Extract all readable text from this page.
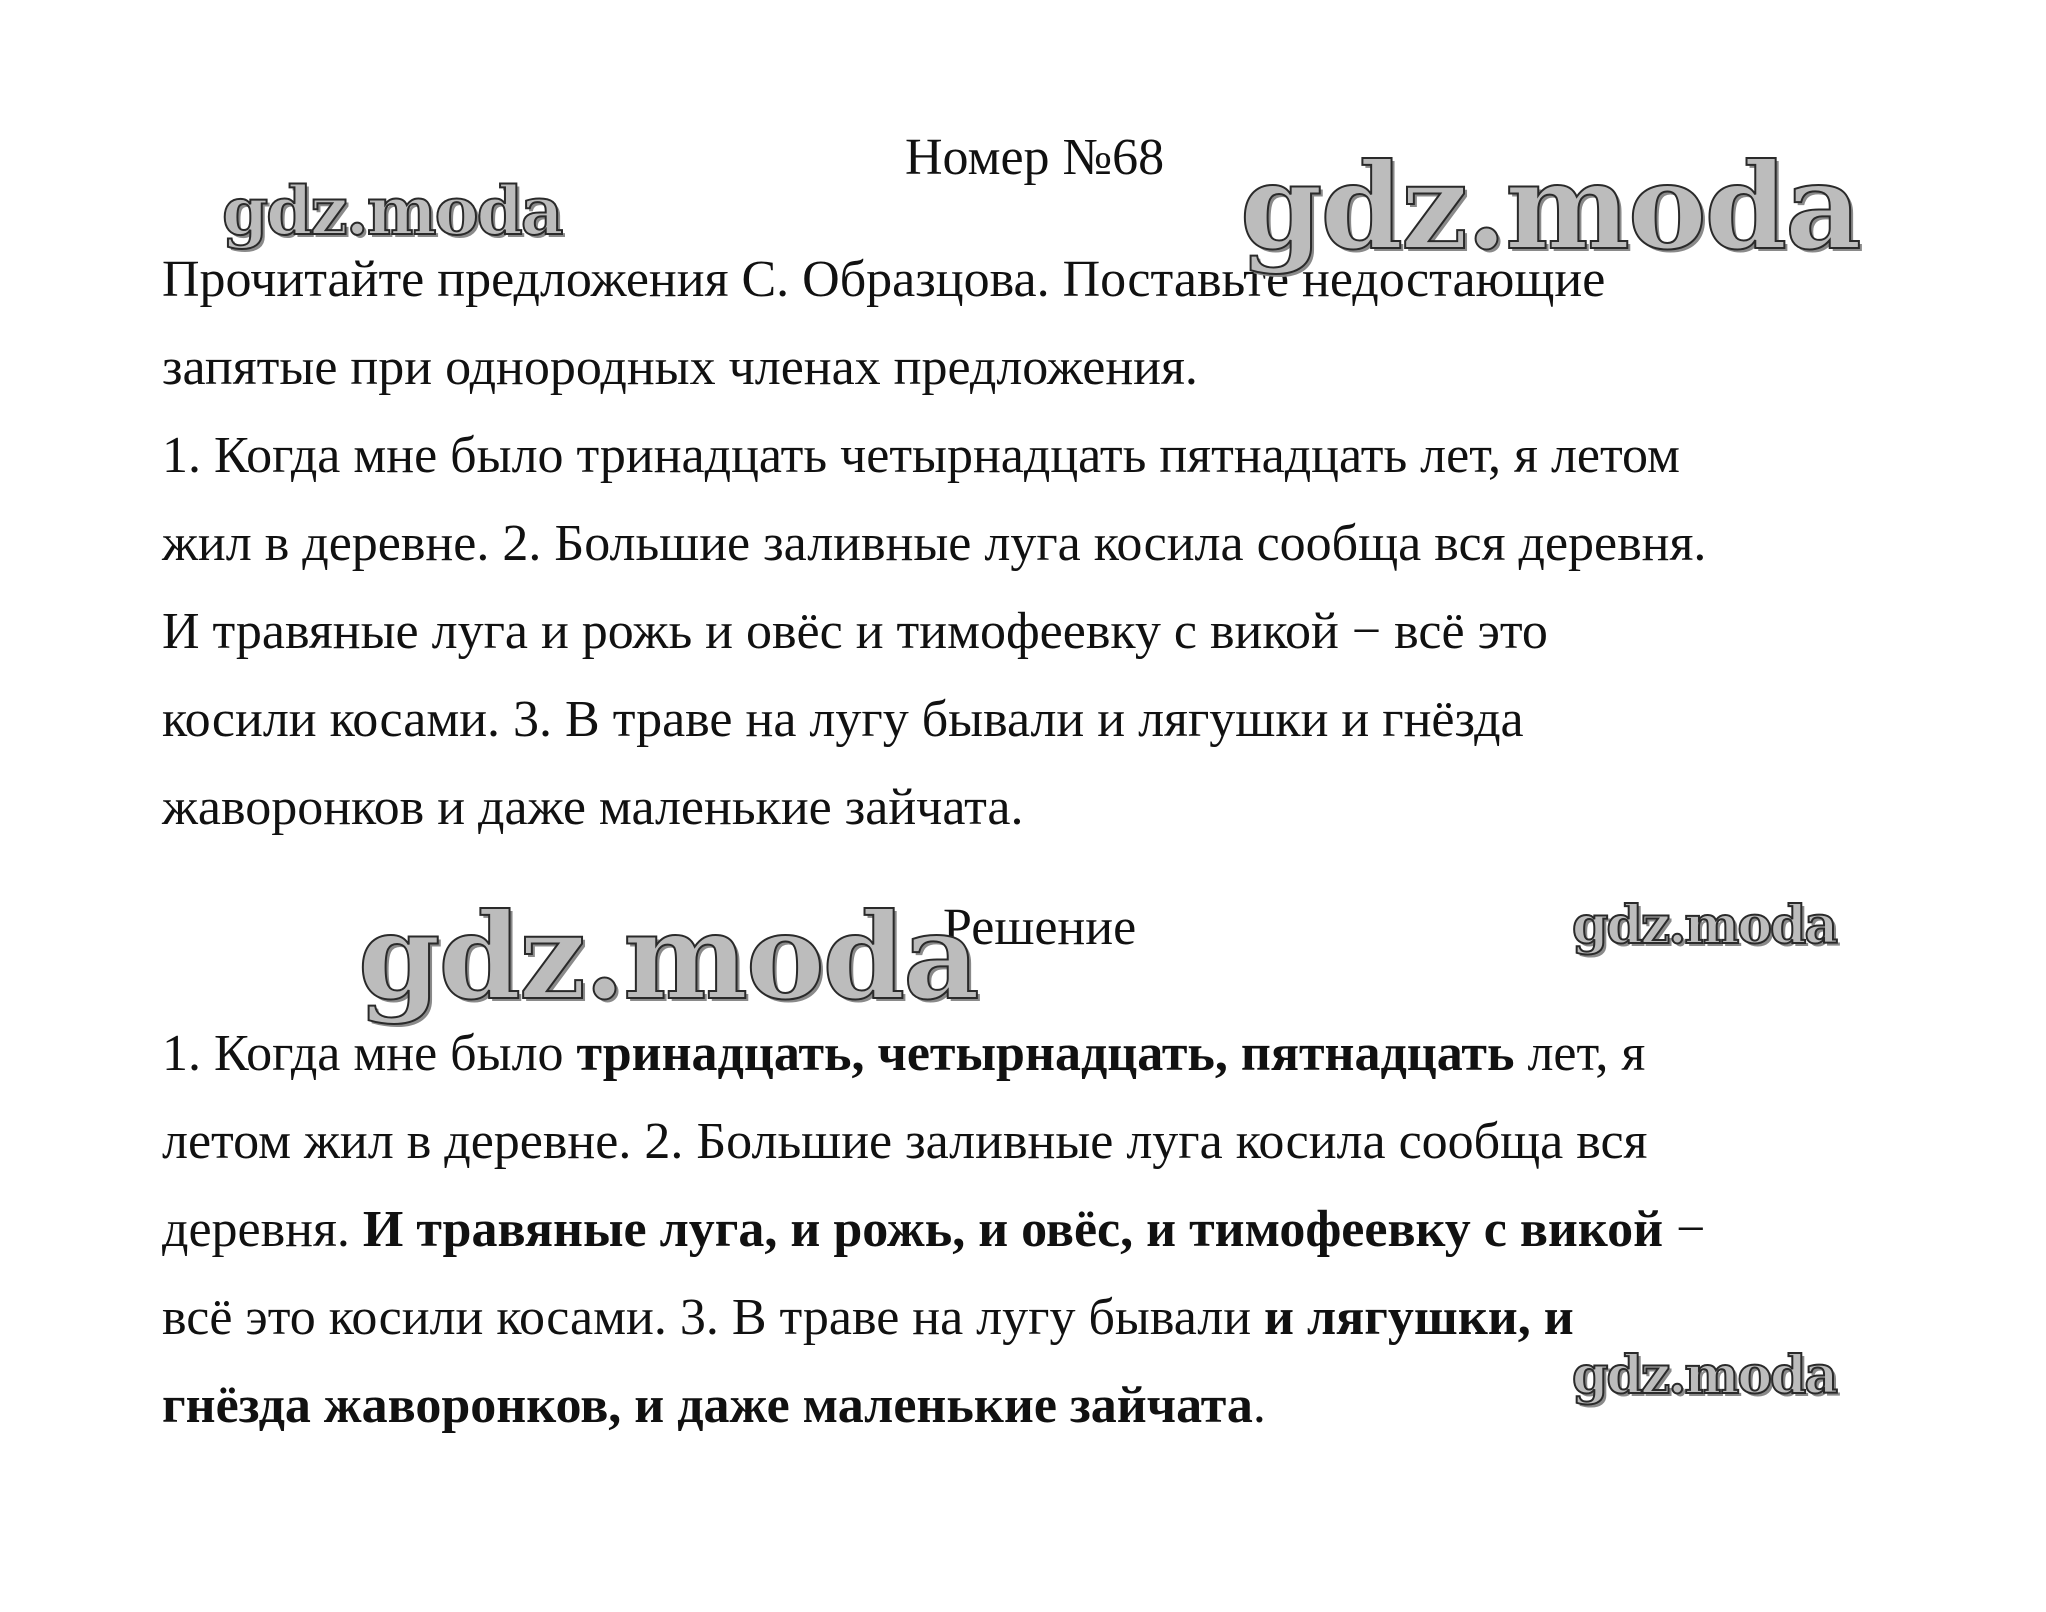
Номер №68
Прочитайте предложения С. Образцова. Поставьте недостающие
запятые при однородных членах предложения.
1. Когда мне было тринадцать четырнадцать пятнадцать лет, я летом
жил в деревне. 2. Большие заливные луга косила сообща вся деревня.
И травяные луга и рожь и овёс и тимофеевку с викой − всё это
косили косами. 3. В траве на лугу бывали и лягушки и гнёзда
жаворонков и даже маленькие зайчата.
Решение
1. Когда мне было тринадцать, четырнадцать, пятнадцать лет, я
летом жил в деревне. 2. Большие заливные луга косила сообща вся
деревня. И травяные луга, и рожь, и овёс, и тимофеевку с викой −
всё это косили косами. 3. В траве на лугу бывали и лягушки, и
гнёзда жаворонков, и даже маленькие зайчата.
gdz.moda	gdz.moda
gdz.moda	gdz.moda
gdz.moda
